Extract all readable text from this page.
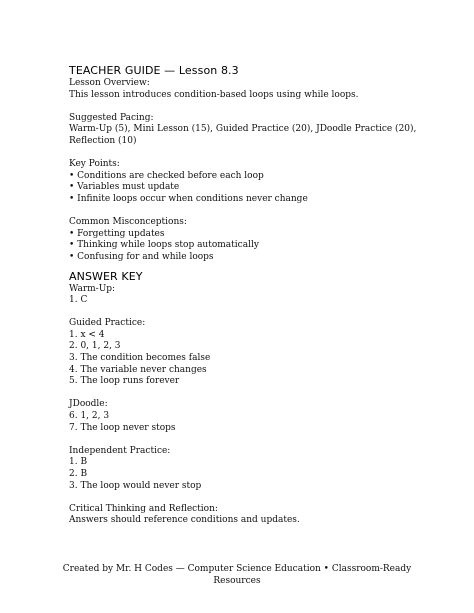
TEACHER GUIDE — Lesson 8.3
Lesson Overview:
This lesson introduces condition-based loops using while loops.
Suggested Pacing:
Warm-Up (5), Mini Lesson (15), Guided Practice (20), JDoodle Practice (20),
Reflection (10)
Key Points:
• Conditions are checked before each loop
• Variables must update
• Infinite loops occur when conditions never change
Common Misconceptions:
• Forgetting updates
• Thinking while loops stop automatically
• Confusing for and while loops
ANSWER KEY
Warm-Up:
1. C
Guided Practice:
1. x < 4
2. 0, 1, 2, 3
3. The condition becomes false
4. The variable never changes
5. The loop runs forever
JDoodle:
6. 1, 2, 3
7. The loop never stops
Independent Practice:
1. B
2. B
3. The loop would never stop
Critical Thinking and Reflection:
Answers should reference conditions and updates.
Created by Mr. H Codes — Computer Science Education • Classroom-Ready
Resources
